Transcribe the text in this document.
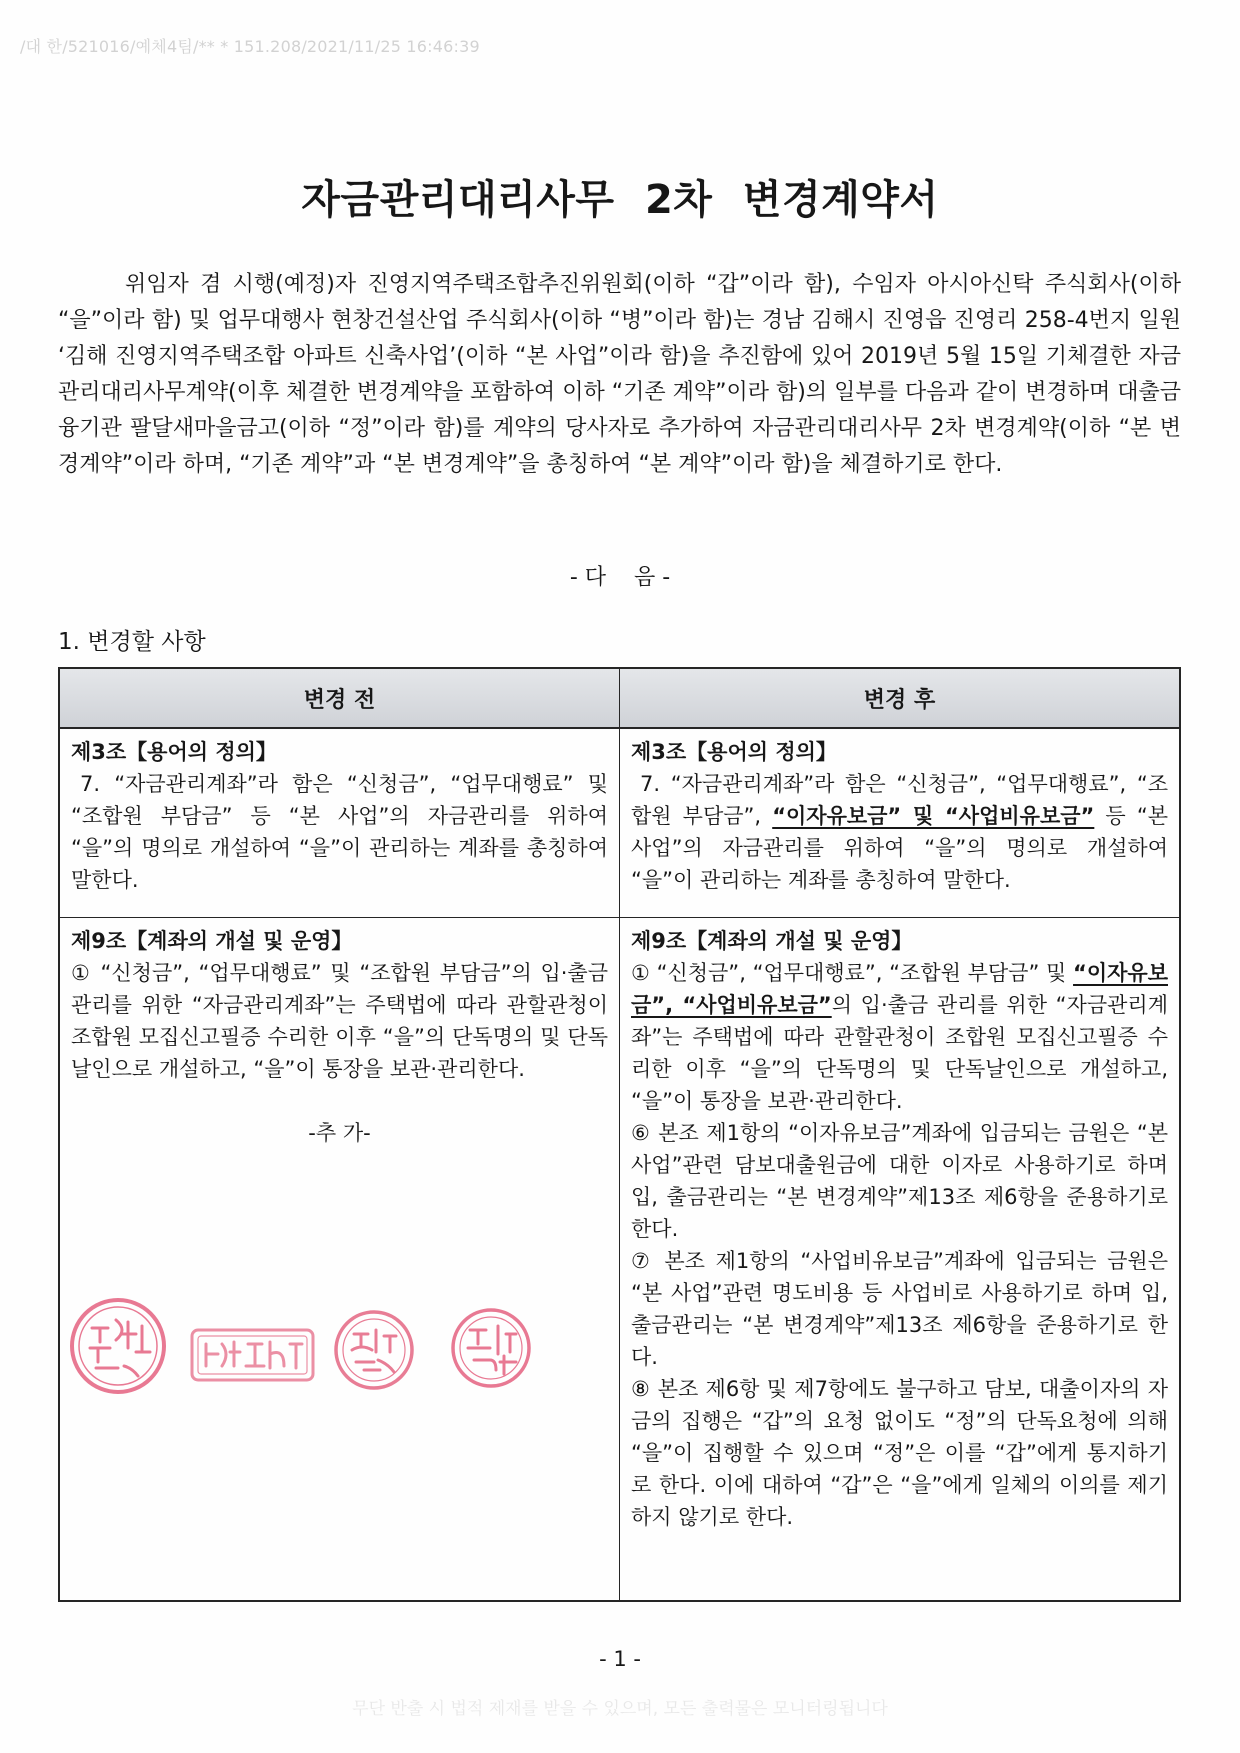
/대 한/521016/예체4팀/** * 151.208/2021/11/25 16:46:39
자금관리대리사무 2차 변경계약서

위임자 겸 시행(예정)자 진영지역주택조합추진위원회(이하 “갑”이라 함), 수임자 아시아신탁 주식회사(이하 “을”이라 함) 및 업무대행사 현창건설산업 주식회사(이하 “병”이라 함)는 경남 김해시 진영읍 진영리 258-4번지 일원 ‘김해 진영지역주택조합 아파트 신축사업’(이하 “본 사업”이라 함)을 추진함에 있어 2019년 5월 15일 기체결한 자금관리대리사무계약(이후 체결한 변경계약을 포함하여 이하 “기존 계약”이라 함)의 일부를 다음과 같이 변경하며 대출금융기관 팔달새마을금고(이하 “정”이라 함)를 계약의 당사자로 추가하여 자금관리대리사무 2차 변경계약(이하 “본 변경계약”이라 하며, “기존 계약”과 “본 변경계약”을 총칭하여 “본 계약”이라 함)을 체결하기로 한다.

- 다    음 -
1. 변경할 사항
변경 전	변경 후
제3조【용어의 정의】

7. “자금관리계좌”라 함은 “신청금”, “업무대행료” 및 “조합원 부담금” 등 “본 사업”의 자금관리를 위하여 “을”의 명의로 개설하여 “을”이 관리하는 계좌를 총칭하여 말한다.

제3조【용어의 정의】

7. “자금관리계좌”라 함은 “신청금”, “업무대행료”, “조합원 부담금”, “이자유보금” 및 “사업비유보금” 등 “본 사업”의 자금관리를 위하여 “을”의 명의로 개설하여 “을”이 관리하는 계좌를 총칭하여 말한다.

제9조【계좌의 개설 및 운영】

① “신청금”, “업무대행료” 및 “조합원 부담금”의 입·출금 관리를 위한 “자금관리계좌”는 주택법에 따라 관할관청이 조합원 모집신고필증 수리한 이후 “을”의 단독명의 및 단독날인으로 개설하고, “을”이 통장을 보관·관리한다.

-추 가-
제9조【계좌의 개설 및 운영】

① “신청금”, “업무대행료”, “조합원 부담금” 및 “이자유보금”, “사업비유보금”의 입·출금 관리를 위한 “자금관리계좌”는 주택법에 따라 관할관청이 조합원 모집신고필증 수리한 이후 “을”의 단독명의 및 단독날인으로 개설하고, “을”이 통장을 보관·관리한다.

⑥ 본조 제1항의 “이자유보금”계좌에 입금되는 금원은 “본 사업”관련 담보대출원금에 대한 이자로 사용하기로 하며 입, 출금관리는 “본 변경계약”제13조 제6항을 준용하기로 한다.

⑦ 본조 제1항의 “사업비유보금”계좌에 입금되는 금원은 “본 사업”관련 명도비용 등 사업비로 사용하기로 하며 입, 출금관리는 “본 변경계약”제13조 제6항을 준용하기로 한다.

⑧ 본조 제6항 및 제7항에도 불구하고 담보, 대출이자의 자금의 집행은 “갑”의 요청 없이도 “정”의 단독요청에 의해 “을”이 집행할 수 있으며 “정”은 이를 “갑”에게 통지하기로 한다. 이에 대하여 “갑”은 “을”에게 일체의 이의를 제기하지 않기로 한다.

- 1 -
무단 반출 시 법적 제재를 받을 수 있으며, 모든 출력물은 모니터링됩니다
